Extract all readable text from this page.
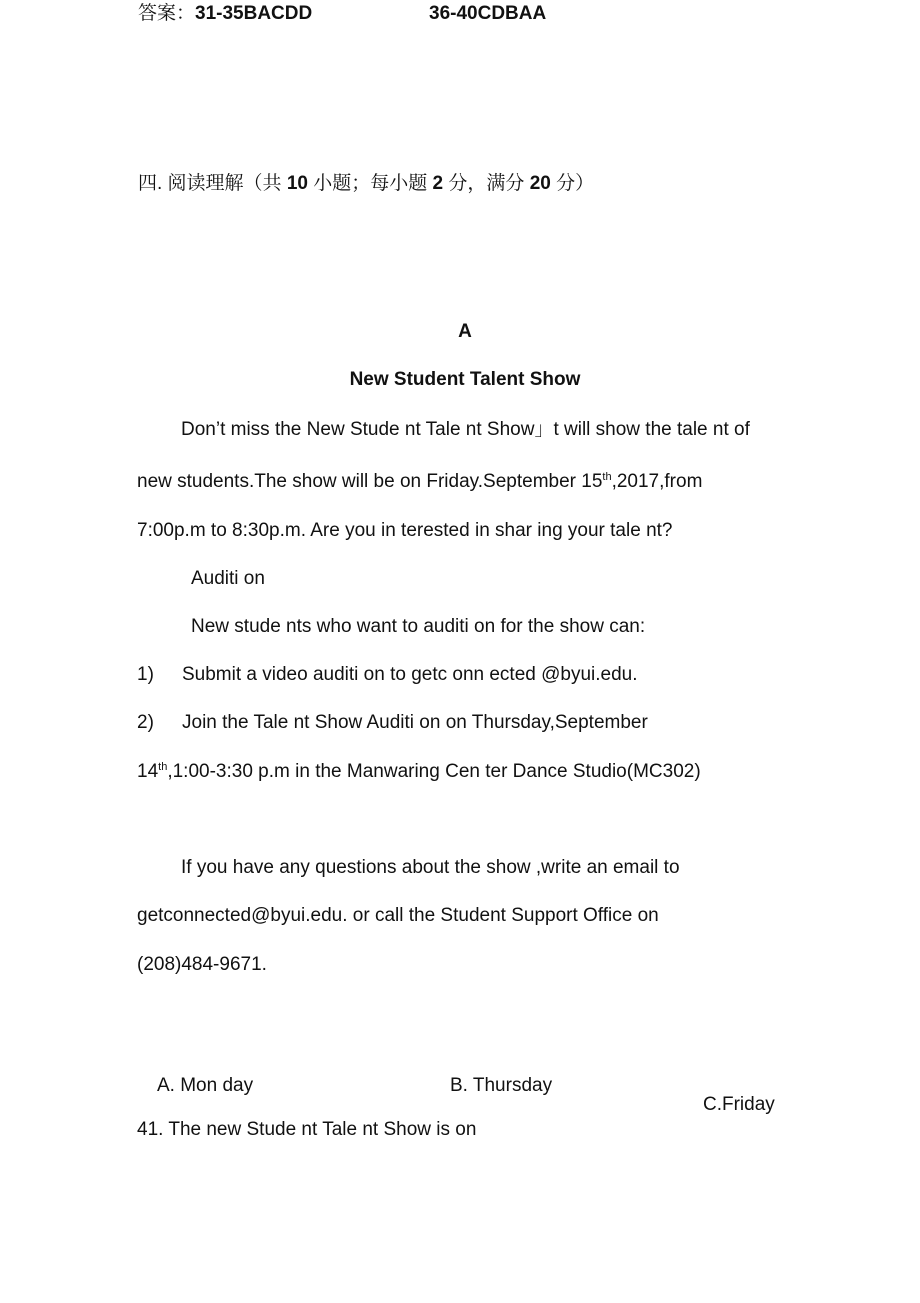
答案：31-35BACDD	36-40CDBAA
四. 阅读理解（共 10 小题；每小题 2 分，满分 20 分）
A
New Student Talent Show
Don’t miss the New Stude nt Tale nt Show」t will show the tale nt of
new students.The show will be on Friday.September 15th,2017,from
7:00p.m to 8:30p.m. Are you in terested in shar ing your tale nt?
Auditi on
New stude nts who want to auditi on for the show can:
1) Submit a video auditi on to getc onn ected @byui.edu.
2) Join the Tale nt Show Auditi on on Thursday,September
14th,1:00-3:30 p.m in the Manwaring Cen ter Dance Studio(MC302)
If you have any questions about the show ,write an email to
getconnected@byui.edu. or call the Student Support Office on
(208)484-9671.
A. Mon day	B. Thursday
C.Friday
41. The new Stude nt Tale nt Show is on
